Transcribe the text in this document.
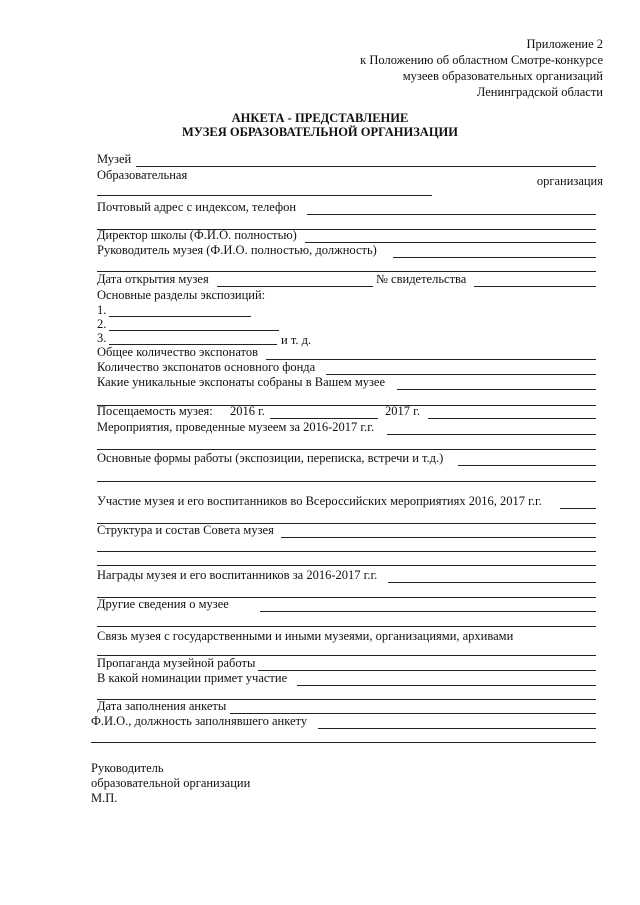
Приложение 2
к Положению об областном Смотре-конкурсе
музеев образовательных организаций
Ленинградской области
АНКЕТА - ПРЕДСТАВЛЕНИЕ
МУЗЕЯ ОБРАЗОВАТЕЛЬНОЙ ОРГАНИЗАЦИИ
Музей
Образовательная	организация
Почтовый адрес с индексом, телефон
Директор школы (Ф.И.О. полностью)
Руководитель музея (Ф.И.О. полностью, должность)
Дата открытия музея	№ свидетельства
Основные разделы экспозиций:
1.
2.
3.	и т. д.
Общее количество экспонатов
Количество экспонатов основного фонда
Какие уникальные экспонаты собраны в Вашем музее
Посещаемость музея: 2016 г.	2017 г.
Мероприятия, проведенные музеем за 2016-2017 г.г.
Основные формы работы (экспозиции, переписка, встречи и т.д.)
Участие музея и его воспитанников во Всероссийских мероприятиях 2016, 2017 г.г.
Структура и состав Совета музея
Награды музея и его воспитанников за 2016-2017 г.г.
Другие сведения о музее
Связь музея с государственными и иными музеями, организациями, архивами
Пропаганда музейной работы
В какой номинации примет участие
Дата заполнения анкеты
Ф.И.О., должность заполнявшего анкету
Руководитель
образовательной организации
М.П.
